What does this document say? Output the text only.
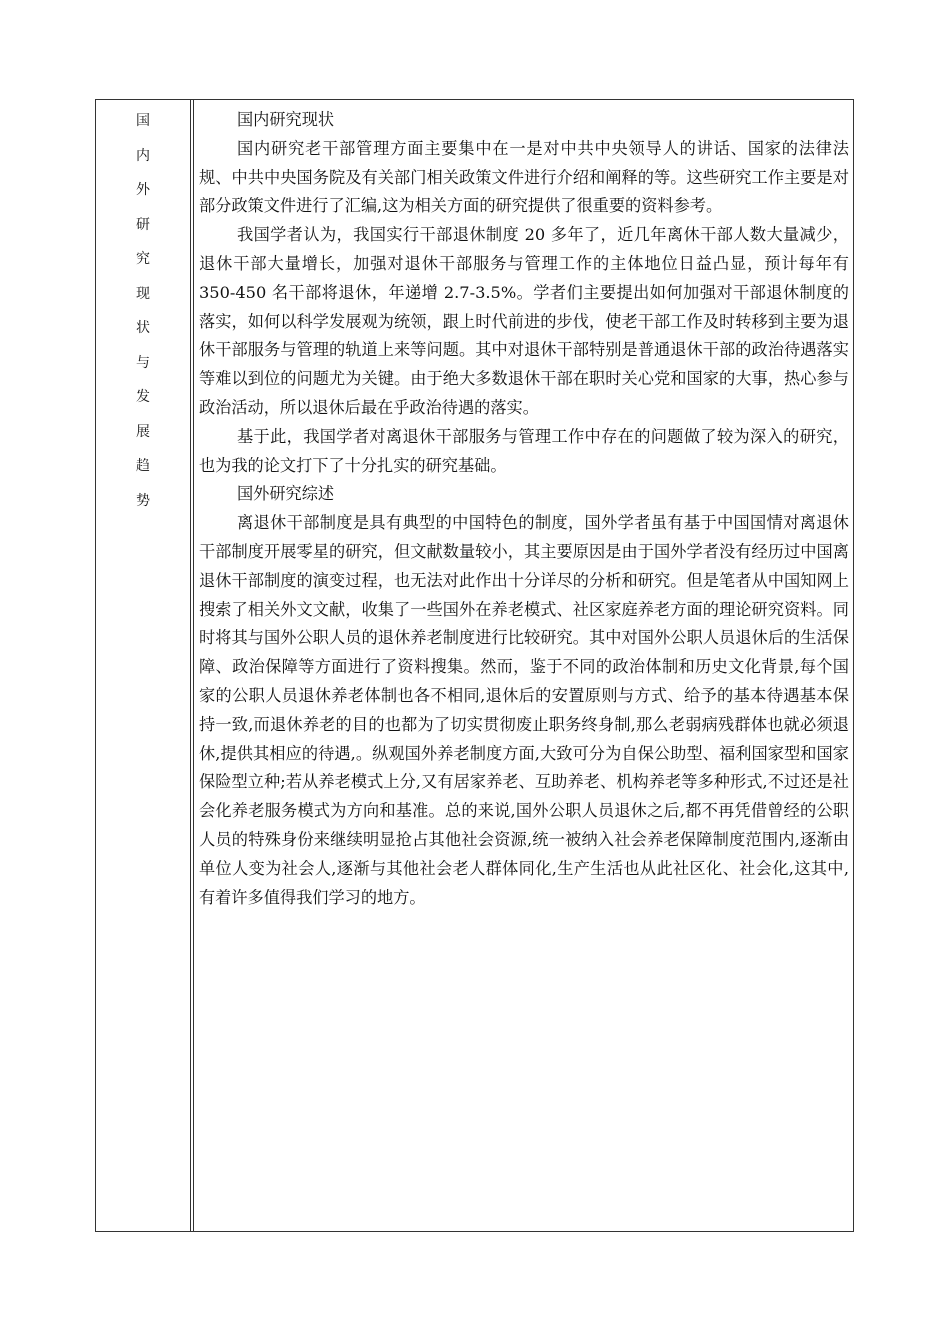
国
内
外
研
究
现
状
与
发
展
趋
势

国内研究现状

国内研究老干部管理方面主要集中在一是对中共中央领导人的讲话、国家的法律法规、中共中央国务院及有关部门相关政策文件进行介绍和阐释的等。这些研究工作主要是对部分政策文件进行了汇编,这为相关方面的研究提供了很重要的资料参考。

我国学者认为，我国实行干部退休制度 20 多年了，近几年离休干部人数大量减少，退休干部大量增长，加强对退休干部服务与管理工作的主体地位日益凸显，预计每年有 350-450 名干部将退休，年递增 2.7-3.5%。学者们主要提出如何加强对干部退休制度的落实，如何以科学发展观为统领，跟上时代前进的步伐，使老干部工作及时转移到主要为退休干部服务与管理的轨道上来等问题。其中对退休干部特别是普通退休干部的政治待遇落实等难以到位的问题尤为关键。由于绝大多数退休干部在职时关心党和国家的大事，热心参与政治活动，所以退休后最在乎政治待遇的落实。

基于此，我国学者对离退休干部服务与管理工作中存在的问题做了较为深入的研究，也为我的论文打下了十分扎实的研究基础。

国外研究综述

离退休干部制度是具有典型的中国特色的制度，国外学者虽有基于中国国情对离退休干部制度开展零星的研究，但文献数量较小，其主要原因是由于国外学者没有经历过中国离退休干部制度的演变过程，也无法对此作出十分详尽的分析和研究。但是笔者从中国知网上搜索了相关外文文献，收集了一些国外在养老模式、社区家庭养老方面的理论研究资料。同时将其与国外公职人员的退休养老制度进行比较研究。其中对国外公职人员退休后的生活保障、政治保障等方面进行了资料搜集。然而，鉴于不同的政治体制和历史文化背景,每个国家的公职人员退休养老体制也各不相同,退休后的安置原则与方式、给予的基本待遇基本保持一致,而退休养老的目的也都为了切实贯彻废止职务终身制,那么老弱病残群体也就必须退休,提供其相应的待遇,。纵观国外养老制度方面,大致可分为自保公助型、福利国家型和国家保险型立种;若从养老模式上分,又有居家养老、互助养老、机构养老等多种形式,不过还是社会化养老服务模式为方向和基准。总的来说,国外公职人员退休之后,都不再凭借曾经的公职人员的特殊身份来继续明显抢占其他社会资源,统一被纳入社会养老保障制度范围内,逐渐由单位人变为社会人,逐渐与其他社会老人群体同化,生产生活也从此社区化、社会化,这其中,有着许多值得我们学习的地方。
